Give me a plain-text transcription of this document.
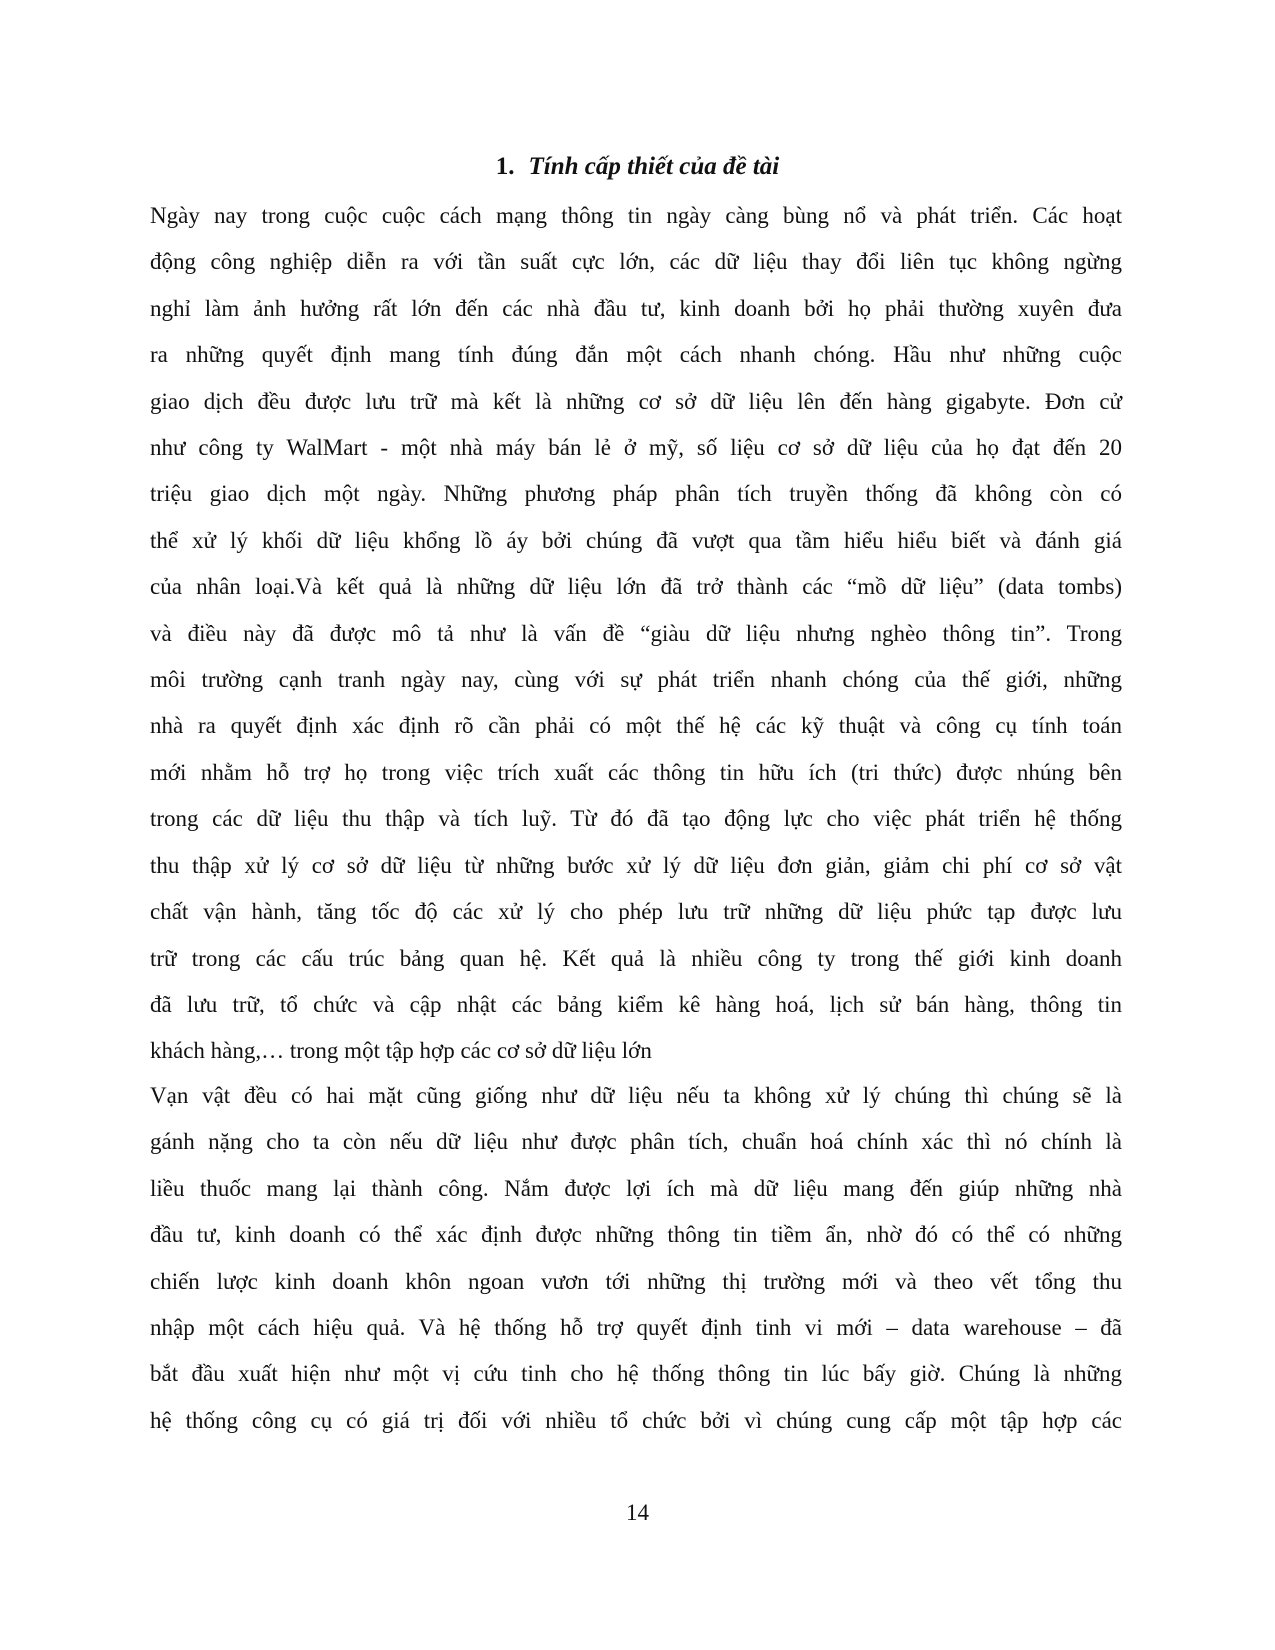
1. Tính cấp thiết của đề tài

Ngày nay trong cuộc cuộc cách mạng thông tin ngày càng bùng nổ và phát triển. Các hoạt
động công nghiệp diễn ra với tần suất cực lớn, các dữ liệu thay đổi liên tục không ngừng
nghỉ làm ảnh hưởng rất lớn đến các nhà đầu tư, kinh doanh bởi họ phải thường xuyên đưa
ra những quyết định mang tính đúng đắn một cách nhanh chóng. Hầu như những cuộc
giao dịch đều được lưu trữ mà kết là những cơ sở dữ liệu lên đến hàng gigabyte. Đơn cử
như công ty WalMart - một nhà máy bán lẻ ở mỹ, số liệu cơ sở dữ liệu của họ đạt đến 20
triệu giao dịch một ngày. Những phương pháp phân tích truyền thống đã không còn có
thể xử lý khối dữ liệu khổng lồ áy bởi chúng đã vượt qua tầm hiểu hiểu biết và đánh giá
của nhân loại.Và kết quả là những dữ liệu lớn đã trở thành các “mồ dữ liệu” (data tombs)
và điều này đã được mô tả như là vấn đề “giàu dữ liệu nhưng nghèo thông tin”. Trong
môi trường cạnh tranh ngày nay, cùng với sự phát triển nhanh chóng của thế giới, những
nhà ra quyết định xác định rõ cần phải có một thế hệ các kỹ thuật và công cụ tính toán
mới nhằm hỗ trợ họ trong việc trích xuất các thông tin hữu ích (tri thức) được nhúng bên
trong các dữ liệu thu thập và tích luỹ. Từ đó đã tạo động lực cho việc phát triển hệ thống
thu thập xử lý cơ sở dữ liệu từ những bước xử lý dữ liệu đơn giản, giảm chi phí cơ sở vật
chất vận hành, tăng tốc độ các xử lý cho phép lưu trữ những dữ liệu phức tạp được lưu
trữ trong các cấu trúc bảng quan hệ. Kết quả là nhiều công ty trong thế giới kinh doanh
đã lưu trữ, tổ chức và cập nhật các bảng kiểm kê hàng hoá, lịch sử bán hàng, thông tin
khách hàng,… trong một tập hợp các cơ sở dữ liệu lớn

Vạn vật đều có hai mặt cũng giống như dữ liệu nếu ta không xử lý chúng thì chúng sẽ là
gánh nặng cho ta còn nếu dữ liệu như được phân tích, chuẩn hoá chính xác thì nó chính là
liều thuốc mang lại thành công. Nắm được lợi ích mà dữ liệu mang đến giúp những nhà
đầu tư, kinh doanh có thể xác định được những thông tin tiềm ẩn, nhờ đó có thể có những
chiến lược kinh doanh khôn ngoan vươn tới những thị trường mới và theo vết tổng thu
nhập một cách hiệu quả. Và hệ thống hỗ trợ quyết định tinh vi mới – data warehouse – đã
bắt đầu xuất hiện như một vị cứu tinh cho hệ thống thông tin lúc bấy giờ. Chúng là những
hệ thống công cụ có giá trị đối với nhiều tổ chức bởi vì chúng cung cấp một tập hợp các

14
